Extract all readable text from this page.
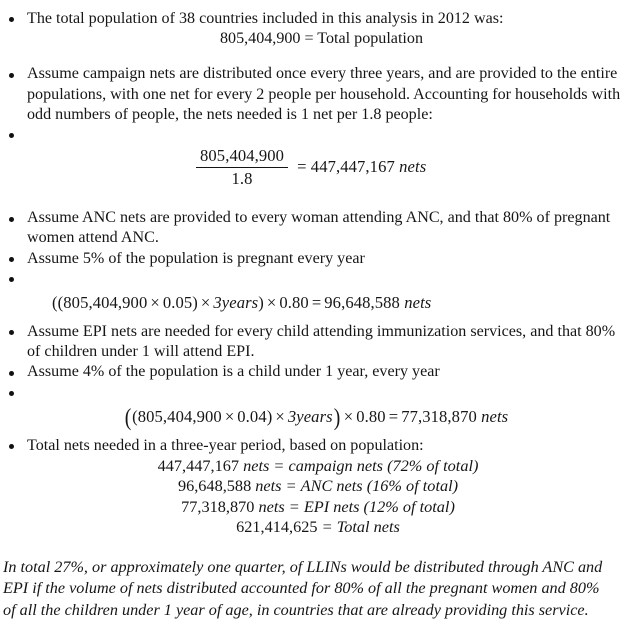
The total population of 38 countries included in this analysis in 2012 was:
805,404,900 = Total population
Assume campaign nets are distributed once every three years, and are provided to the entire populations, with one net for every 2 people per household. Accounting for households with odd numbers of people, the nets needed is 1 net per 1.8 people:

$\frac{805,404,900}{1.8} = 447,447,167$ nets
Assume ANC nets are provided to every woman attending ANC, and that 80% of pregnant women attend ANC.
Assume 5% of the population is pregnant every year

((805,404,900 × 0.05) × 3years) × 0.80 = 96,648,588 nets
Assume EPI nets are needed for every child attending immunization services, and that 80% of children under 1 will attend EPI.
Assume 4% of the population is a child under 1 year, every year

((805,404,900 × 0.04) × 3years) × 0.80 = 77,318,870 nets
Total nets needed in a three-year period, based on population:
447,447,167 nets = campaign nets (72% of total)
96,648,588 nets = ANC nets (16% of total)
77,318,870 nets = EPI nets (12% of total)
621,414,625 = Total nets
In total 27%, or approximately one quarter, of LLINs would be distributed through ANC and
EPI if the volume of nets distributed accounted for 80% of all the pregnant women and 80%
of all the children under 1 year of age, in countries that are already providing this service.
